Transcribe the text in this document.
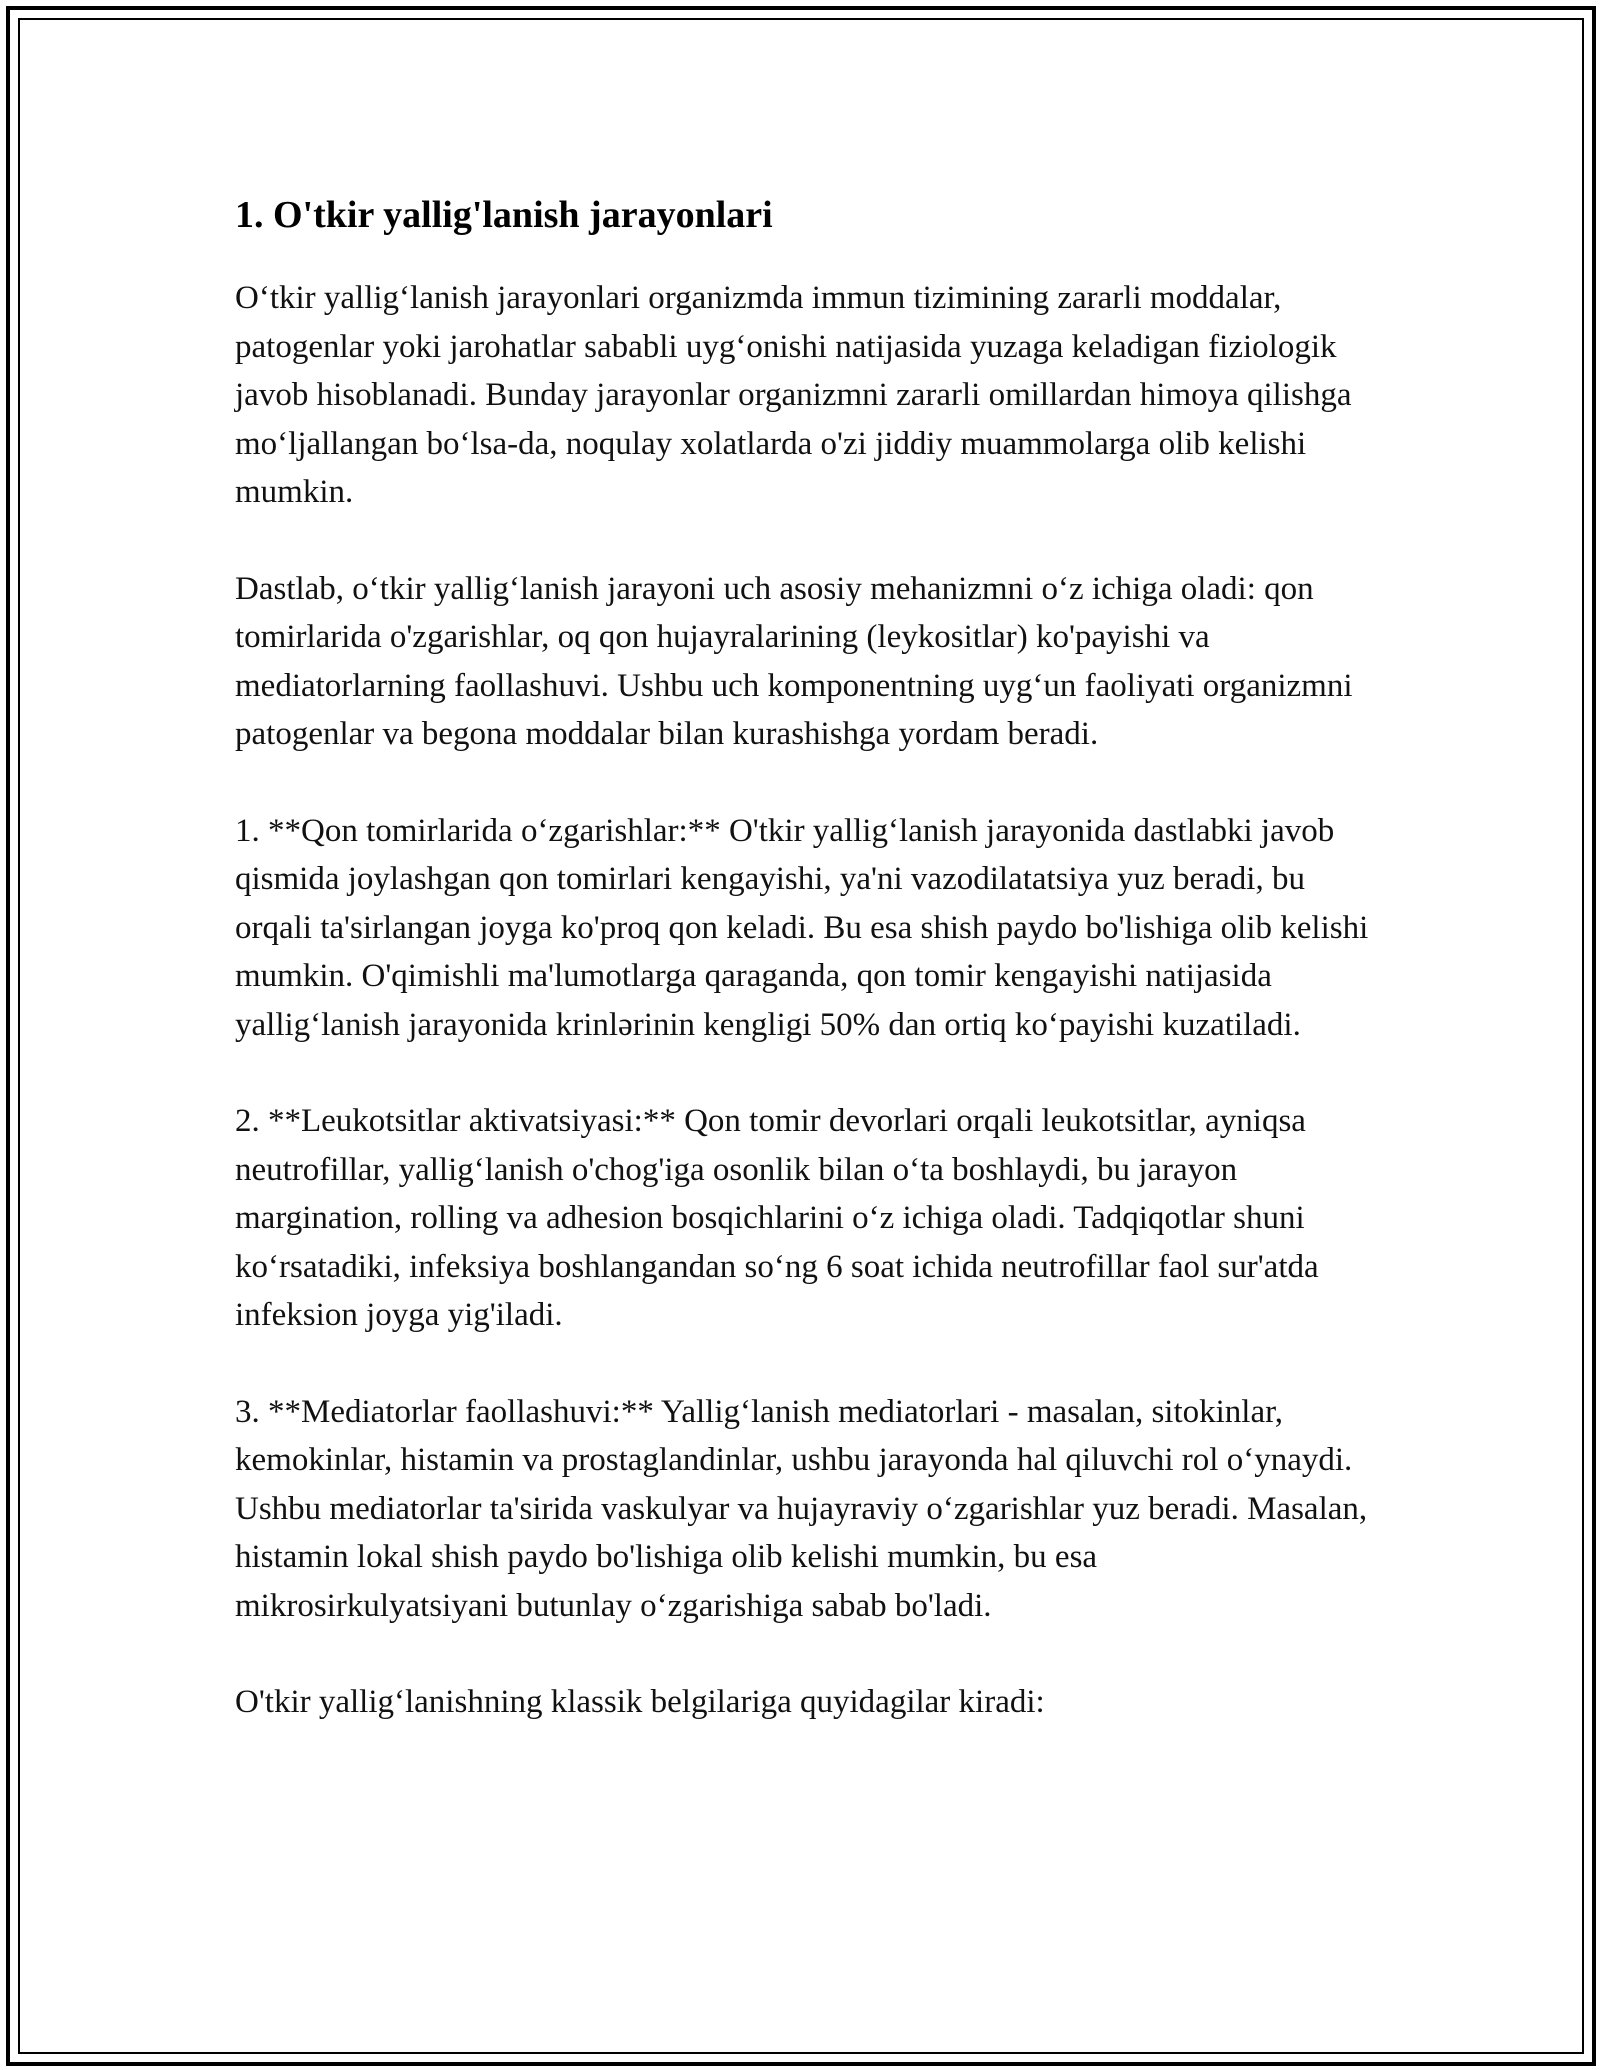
1. O'tkir yallig'lanish jarayonlari

O‘tkir yallig‘lanish jarayonlari organizmda immun tizimining zararli moddalar, patogenlar yoki jarohatlar sababli uyg‘onishi natijasida yuzaga keladigan fiziologik javob hisoblanadi. Bunday jarayonlar organizmni zararli omillardan himoya qilishga mo‘ljallangan bo‘lsa-da, noqulay xolatlarda o'zi jiddiy muammolarga olib kelishi mumkin.

Dastlab, o‘tkir yallig‘lanish jarayoni uch asosiy mehanizmni o‘z ichiga oladi: qon tomirlarida o'zgarishlar, oq qon hujayralarining (leykositlar) ko'payishi va mediatorlarning faollashuvi. Ushbu uch komponentning uyg‘un faoliyati organizmni patogenlar va begona moddalar bilan kurashishga yordam beradi.

1. **Qon tomirlarida o‘zgarishlar:** O'tkir yallig‘lanish jarayonida dastlabki javob qismida joylashgan qon tomirlari kengayishi, ya'ni vazodilatatsiya yuz beradi, bu orqali ta'sirlangan joyga ko'proq qon keladi. Bu esa shish paydo bo'lishiga olib kelishi mumkin. O'qimishli ma'lumotlarga qaraganda, qon tomir kengayishi natijasida yallig‘lanish jarayonida krinlərinin kengligi 50% dan ortiq ko‘payishi kuzatiladi.

2. **Leukotsitlar aktivatsiyasi:** Qon tomir devorlari orqali leukotsitlar, ayniqsa neutrofillar, yallig‘lanish o'chog'iga osonlik bilan o‘ta boshlaydi, bu jarayon margination, rolling va adhesion bosqichlarini o‘z ichiga oladi. Tadqiqotlar shuni ko‘rsatadiki, infeksiya boshlangandan so‘ng 6 soat ichida neutrofillar faol sur'atda infeksion joyga yig'iladi.

3. **Mediatorlar faollashuvi:** Yallig‘lanish mediatorlari - masalan, sitokinlar, kemokinlar, histamin va prostaglandinlar, ushbu jarayonda hal qiluvchi rol o‘ynaydi. Ushbu mediatorlar ta'sirida vaskulyar va hujayraviy o‘zgarishlar yuz beradi. Masalan, histamin lokal shish paydo bo'lishiga olib kelishi mumkin, bu esa mikrosirkulyatsiyani butunlay o‘zgarishiga sabab bo'ladi.

O'tkir yallig‘lanishning klassik belgilariga quyidagilar kiradi:
